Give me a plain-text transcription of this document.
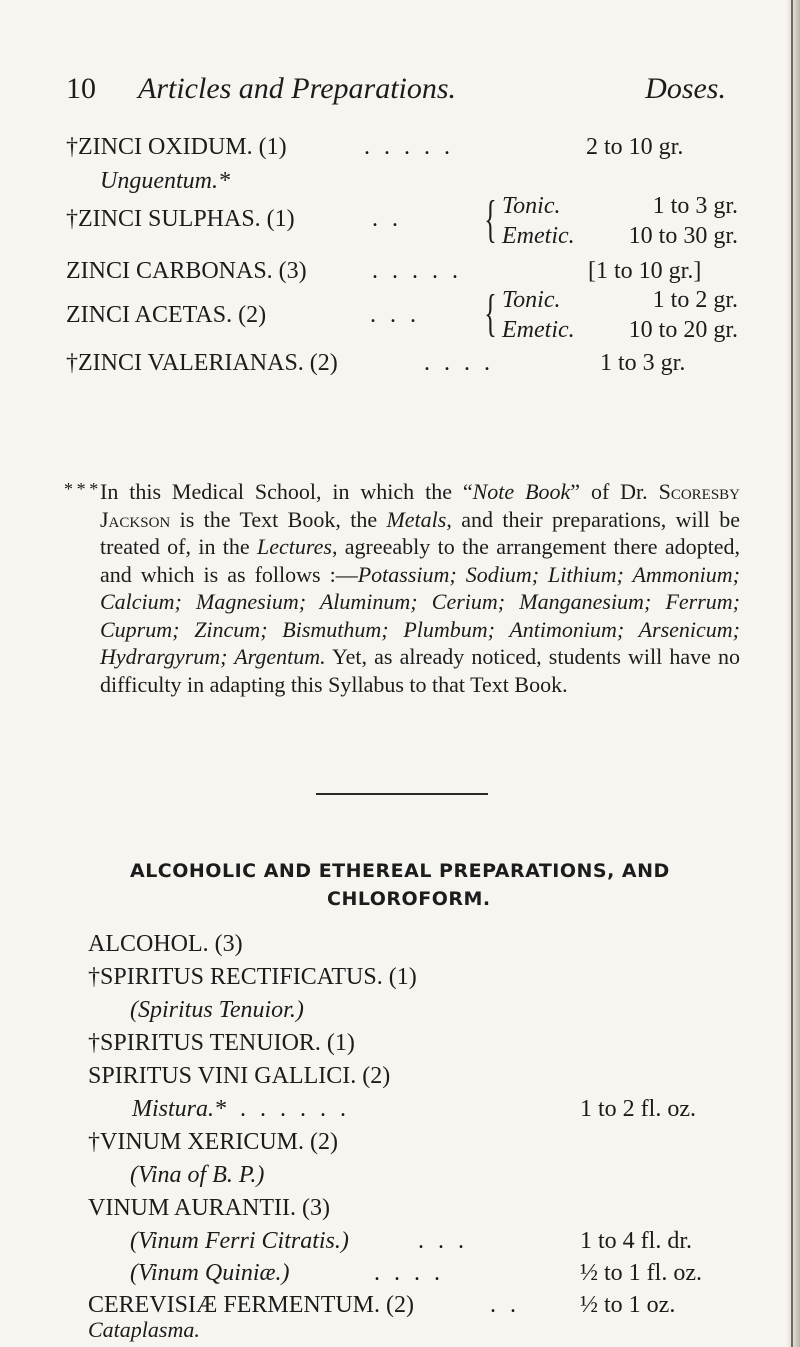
10 Articles and Preparations.	Doses.
†ZINCI OXIDUM. (1)	.....	2 to 10 gr.
Unguentum.*
†ZINCI SULPHAS. (1)	.. { Tonic.	1 to 3 gr.
Emetic. 10 to 30 gr.
ZINCI CARBONAS. (3)	.....	[1 to 10 gr.]
ZINCI ACETAS. (2)	... { Tonic.	1 to 2 gr.
Emetic. 10 to 20 gr.
†ZINCI VALERIANAS. (2)	....	1 to 3 gr.
* * * In this Medical School, in which the “Note Book” of Dr. Scoresby Jackson is the Text Book, the Metals, and their preparations, will be treated of, in the Lectures, agreeably to the arrangement there adopted, and which is as follows :—Potassium; Sodium; Lithium; Ammonium; Calcium; Magnesium; Aluminum; Cerium; Manganesium; Ferrum; Cuprum; Zincum; Bismuthum; Plumbum; Antimonium; Arsenicum; Hydrargyrum; Argentum. Yet, as already noticed, students will have no difficulty in adapting this Syllabus to that Text Book.
ALCOHOLIC AND ETHEREAL PREPARATIONS, AND
CHLOROFORM.
ALCOHOL. (3)
†SPIRITUS RECTIFICATUS. (1)
(Spiritus Tenuior.)
†SPIRITUS TENUIOR. (1)
SPIRITUS VINI GALLICI. (2)
Mistura.* ......	1 to 2 fl. oz.
†VINUM XERICUM. (2)
(Vina of B. P.)
VINUM AURANTII. (3)
(Vinum Ferri Citratis.)	...	1 to 4 fl. dr.
(Vinum Quiniæ.)	....	½ to 1 fl. oz.
CEREVISIÆ FERMENTUM. (2)	.. ½ to 1 oz.
Cataplasma.
